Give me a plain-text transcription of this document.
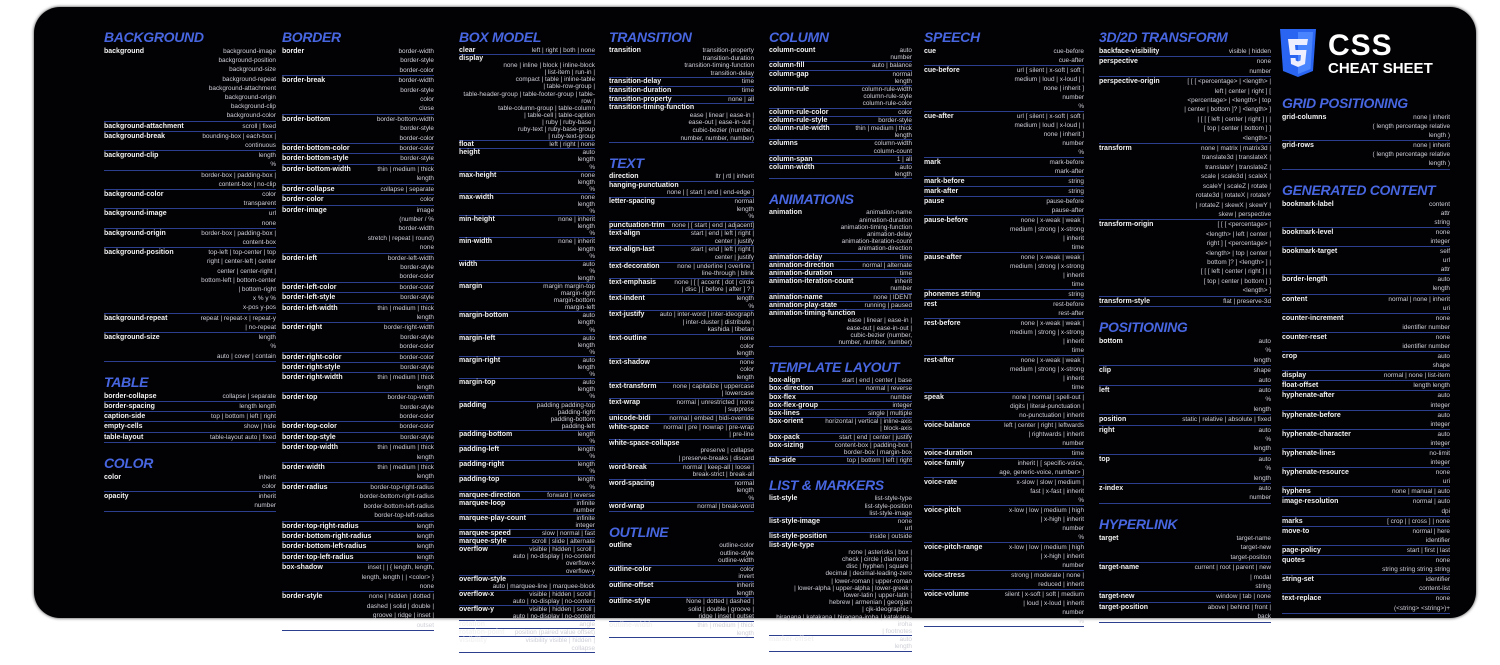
CSS
CHEAT SHEET
BACKGROUND
background	background-image
background-position
background-size
background-repeat
background-attachment
background-origin
background-clip
background-color
background-attachment	scroll | fixed
background-break	bounding-box | each-box |
continuous
background-clip	length
%
border-box | padding-box |
content-box | no-clip
background-color	color
transparent
background-image	url
none
background-origin	border-box | padding-box |
content-box
background-position	top-left | top-center | top
right | center-left | center
center | center-right |
bottom-left | bottom-center
| bottom-right
x % y %
x-pos y-pos
background-repeat	repeat | repeat-x | repeat-y
| no-repeat
background-size	length
%
auto | cover | contain
TABLE
border-collapse	collapse | separate
border-spacing	length length
caption-side	top | bottom | left | right
empty-cells	show | hide
table-layout	table-layout auto | fixed
COLOR
color	inherit
color
opacity	inherit
number
BORDER
border	border-width
border-style
border-color
border-break	border-width
border-style
color
close
border-bottom	border-bottom-width
border-style
border-color
border-bottom-color	border-color
border-bottom-style	border-style
border-bottom-width	thin | medium | thick
length
border-collapse	collapse | separate
border-color	color
border-image	image
(number / %
border-width
stretch | repeat | round)
none
border-left	border-left-width
border-style
border-color
border-left-color	border-color
border-left-style	border-style
border-left-width	thin | medium | thick
length
border-right	border-right-width
border-style
border-color
border-right-color	border-color
border-right-style	border-style
border-right-width	thin | medium | thick
length
border-top	border-top-width
border-style
border-color
border-top-color	border-color
border-top-style	border-style
border-top-width	thin | medium | thick
length
border-width	thin | medium | thick
length
border-radius	border-top-right-radius
border-bottom-right-radius
border-bottom-left-radius
border-top-left-radius
border-top-right-radius	length
border-bottom-right-radius	length
border-bottom-left-radius	length
border-top-left-radius	length
box-shadow	inset | | { length, length,
length, length | | <color> }
none
border-style	none | hidden | dotted |
dashed | solid | double |
groove | ridge | inset |
outset
BOX MODEL
clear	left | right | both | none
display
none | inline | block | inline-block
| list-item | run-in |
compact | table | inline-table
| table-row-group |
table-header-group | table-footer-group | table-row |
table-column-group | table-column
| table-cell | table-caption
| ruby | ruby-base |
ruby-text | ruby-base-group
| ruby-text-group
float	left | right | none
height	auto
length
%
max-height	none
length
%
max-width	none
length
%
min-height	none | inherit
length
%
min-width	none | inherit
length
%
width	auto
%
length
margin	margin margin-top
margin-right
margin-bottom
margin-left
margin-bottom	auto
length
%
margin-left	auto
length
%
margin-right	auto
length
%
margin-top	auto
length
%
padding	padding padding-top
padding-right
padding-bottom
padding-left
padding-bottom	length
%
padding-left	length
%
padding-right	length
%
padding-top	length
%
marquee-direction	forward | reverse
marquee-loop	infinite
number
marquee-play-count	infinite
integer
marquee-speed	slow | normal | fast
marquee-style	scroll | slide | alternate
overflow	visible | hidden | scroll |
auto | no-display | no-content
overflow-x
overflow-y
overflow-style
auto | marquee-line | marquee-block
overflow-x	visible | hidden | scroll |
auto | no-display | no-content
overflow-y	visible | hidden | scroll |
auto | no-display | no-content
rotation	angle
rotation-point position (paired value offset)
visibility	visibility visible | hidden |
collapse
TRANSITION
transition	transition-property
transition-duration
transition-timing-function
transition-delay
transition-delay	time
transition-duration	time
transition-property	none | all
transition-timing-function
ease | linear | ease-in |
ease-out | ease-in-out |
cubic-bezier (number,
number, number, number)
TEXT
direction	ltr | rtl | inherit
hanging-punctuation
none | [ start | end | end-edge ]
letter-spacing	normal
length
%
punctuation-trim none | [ start | end | adjacent]
text-align	start | end | left | right |
center | justify
text-align-last	start | end | left | right |
center | justify
text-decoration	none | underline | overline |
line-through | blink
text-emphasis	none | [ [ accent | dot | circle
| disc ] [ before | after ] ? ]
text-indent	length
%
text-justify auto | inter-word | inter-ideograph
| inter-cluster | distribute |
kashida | tibetan
text-outline	none
color
length
text-shadow	none
color
length
text-transform	none | capitalize | uppercase
| lowercase
text-wrap	normal | unrestricted | none
| suppress
unicode-bidi	normal | embed | bidi-override
white-space normal | pre | nowrap | pre-wrap
| pre-line
white-space-collapse
preserve | collapse
| preserve-breaks | discard
word-break	normal | keep-all | loose |
break-strict | break-all
word-spacing	normal
length
%
word-wrap	normal | break-word
OUTLINE
outline	outline-color
outline-style
outline-width
outline-color	color
invert
outline-offset	inherit
length
outline-style	None | dotted | dashed |
solid | double | groove |
ridge | inset | outset
outline-width	thin | medium | thick
length
COLUMN
column-count	auto
number
column-fill	auto | balance
column-gap	normal
length
column-rule	column-rule-width
column-rule-style
column-rule-color
column-rule-color	color
column-rule-style	border-style
column-rule-width	thin | medium | thick
length
columns	column-width
column-count
column-span	1 | all
column-width	auto
length
ANIMATIONS
animation	animation-name
animation-duration
animation-timing-function
animation-delay
animation-iteration-count
animation-direction
animation-delay	time
animation-direction	normal | alternate
animation-duration	time
animation-iteration-count	inherit
number
animation-name	none | IDENT
animation-play-state	running | paused
animation-timing-function
ease | linear | ease-in |
ease-out | ease-in-out |
cubic-bezier (number,
number, number, number)
TEMPLATE LAYOUT
box-align	start | end | center | base
box-direction	normal | reverse
box-flex	number
box-flex-group	integer
box-lines	single | multiple
box-orient	horizontal | vertical | inline-axis
| block-axis
box-pack	start | end | center | justify
box-sizing	content-box | padding-box |
border-box | margin-box
tab-side	top | bottom | left | right
LIST & MARKERS
list-style	list-style-type
list-style-position
list-style-image
list-style-image	none
url
list-style-position	inside | outside
list-style-type
none | asterisks | box |
check | circle | diamond |
disc | hyphen | square |
decimal | decimal-leading-zero
| lower-roman | upper-roman
| lower-alpha | upper-alpha | lower-greek |
lower-latin | upper-latin |
hebrew | armenian | georgian
| cjk-ideographic |
hiragana | katakana | hiragana-iroha | katakana-iroha
| footnotes
marker-offset	auto
length
SPEECH
cue	cue-before
cue-after
cue-before	url [ silent | x-soft | soft |
medium | loud | x-loud | |
none | inherit ]
number
%
cue-after	url [ silent | x-soft | soft |
medium | loud | x-loud | |
none | inherit ]
number
%
mark	mark-before
mark-after
mark-before	string
mark-after	string
pause	pause-before
pause-after
pause-before	none | x-weak | weak |
medium | strong | x-strong
| inherit
time
pause-after	none | x-weak | weak |
medium | strong | x-strong
| inherit
time
phonemes string	string
rest	rest-before
rest-after
rest-before	none | x-weak | weak |
medium | strong | x-strong
| inherit
time
rest-after	none | x-weak | weak |
medium | strong | x-strong
| inherit
time
speak	none | normal | spell-out |
digits | literal-punctuation |
no-punctuation | inherit
voice-balance	left | center | right | leftwards
| rightwards | inherit
number
voice-duration	time
voice-family	inherit | [ specific-voice,
age, generic-voice, number> ]
voice-rate	x-slow | slow | medium |
fast | x-fast | inherit
%
voice-pitch	x-low | low | medium | high
| x-high | inherit
number
%
voice-pitch-range	x-low | low | medium | high
| x-high | inherit
number
voice-stress	strong | moderate | none |
reduced | inherit
voice-volume	silent | x-soft | soft | medium
| loud | x-loud | inherit
number
%
3D/2D TRANSFORM
backface-visibility	visible | hidden
perspective	none
number
perspective-origin	[ [ [ <percentage> | <length> |
left | center | right ] [
<percentage> | <length> | top
| center | bottom ]? ] <length> ]
| [ [ [ left | center | right ] | |
[ top | center | bottom ] ]
<length> ]
transform	none | matrix | matrix3d |
translate3d | translateX |
translateY | translateZ |
scale | scale3d | scaleX |
scaleY | scaleZ | rotate |
rotate3d | rotateX | rotateY
| rotateZ | skewX | skewY |
skew | perspective
transform-origin	[ [ [ <percentage> |
<length> | left | center |
right ] [ <percentage> |
<length> | top | center |
bottom ]? ] <length> ] |
[ [ [ left | center | right ] | |
[ top | center | bottom ] ]
<length> ]
transform-style	flat | preserve-3d
POSITIONING
bottom	auto
%
length
clip	shape
auto
left	auto
%
length
position	static | relative | absolute | fixed
right	auto
%
length
top	auto
%
length
z-index	auto
number
HYPERLINK
target	target-name
target-new
target-position
target-name	current | root | parent | new
| modal
string
target-new	window | tab | none
target-position	above | behind | front |
back
GRID POSITIONING
grid-columns	none | inherit
( length percentage relative
length )
grid-rows	none | inherit
( length percentage relative
length )
GENERATED CONTENT
bookmark-label	content
attr
string
bookmark-level	none
integer
bookmark-target	self
url
attr
border-length	auto
length
content	normal | none | inherit
uri
counter-increment	none
identifier number
counter-reset	none
identifier number
crop	auto
shape
display	normal | none | list-item
float-offset	length length
hyphenate-after	auto
integer
hyphenate-before	auto
integer
hyphenate-character	auto
integer
hyphenate-lines	no-limit
integer
hyphenate-resource	none
uri
hyphens	none | manual | auto
image-resolution	normal | auto
dpi
marks	[ crop | | cross ] | none
move-to	normal | here
identifier
page-policy	start | first | last
quotes	none
string string string string
string-set	identifier
content-list
text-replace	none
(<string> <string>)+
